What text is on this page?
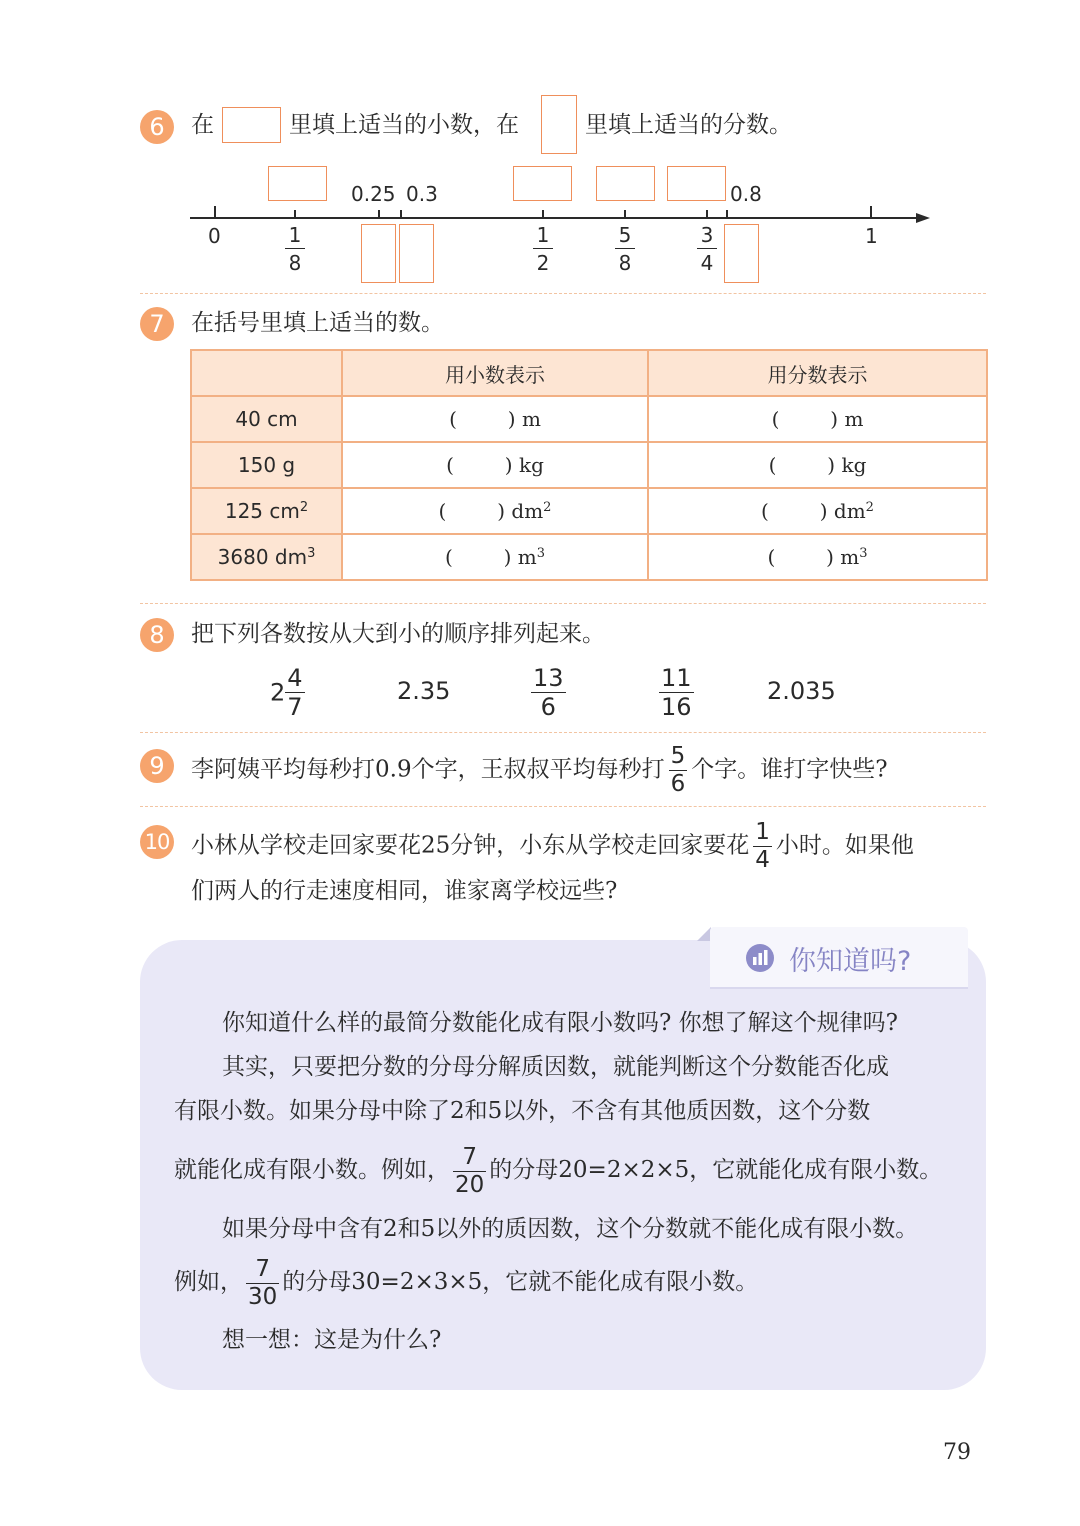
6	在	里填上适当的小数，在	里填上适当的分数。
0.25 0.3	0.8
0	1
1
8
1
2
5
8
3
4
7	在括号里填上适当的数。
	用小数表示	用分数表示
40 cm	( ) m	( ) m
150 g	( ) kg	( ) kg
125 $cm^2$	( ) $dm^2$	( ) $dm^2$
3680 $dm^3$	( ) $m^3$	( ) $m^3$
8	把下列各数按从大到小的顺序排列起来。
$2 \frac{4}{7}$	2.35	$\frac{13}{6}$	$\frac{11}{16}$	2.035
9	李阿姨平均每秒打0.9个字，王叔叔平均每秒打 $\frac{5}{6}$ 个字。谁打字快些?
10 小林从学校走回家要花25分钟，小东从学校走回家要花 $\frac{1}{4}$ 小时。如果他
们两人的行走速度相同，谁家离学校远些?
你知道吗?
你知道什么样的最简分数能化成有限小数吗? 你想了解这个规律吗?
其实，只要把分数的分母分解质因数，就能判断这个分数能否化成
有限小数。如果分母中除了2和5以外，不含有其他质因数，这个分数
就能化成有限小数。例如， $\frac{7}{20}$ 的分母20=2×2×5，它就能化成有限小数。
如果分母中含有2和5以外的质因数，这个分数就不能化成有限小数。
例如， $\frac{7}{30}$ 的分母30=2×3×5，它就不能化成有限小数。
想一想：这是为什么?
79
